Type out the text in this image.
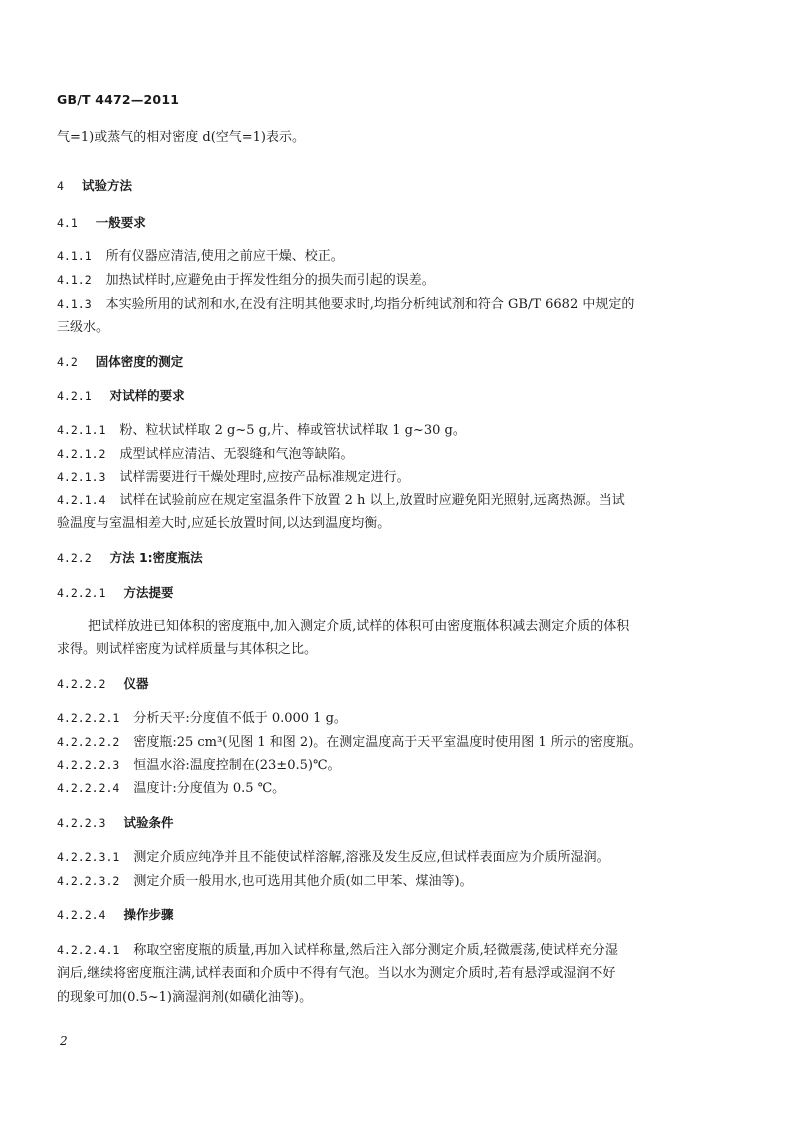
GB/T 4472—2011
气=1)或蒸气的相对密度 d(空气=1)表示。
4 试验方法
4.1 一般要求
4.1.1 所有仪器应清洁,使用之前应干燥、校正。
4.1.2 加热试样时,应避免由于挥发性组分的损失而引起的误差。
4.1.3 本实验所用的试剂和水,在没有注明其他要求时,均指分析纯试剂和符合 GB/T 6682 中规定的
三级水。
4.2 固体密度的测定
4.2.1 对试样的要求
4.2.1.1 粉、粒状试样取 2 g~5 g,片、棒或管状试样取 1 g~30 g。
4.2.1.2 成型试样应清洁、无裂缝和气泡等缺陷。
4.2.1.3 试样需要进行干燥处理时,应按产品标准规定进行。
4.2.1.4 试样在试验前应在规定室温条件下放置 2 h 以上,放置时应避免阳光照射,远离热源。当试
验温度与室温相差大时,应延长放置时间,以达到温度均衡。
4.2.2 方法 1:密度瓶法
4.2.2.1 方法提要
把试样放进已知体积的密度瓶中,加入测定介质,试样的体积可由密度瓶体积减去测定介质的体积
求得。则试样密度为试样质量与其体积之比。
4.2.2.2 仪器
4.2.2.2.1 分析天平:分度值不低于 0.000 1 g。
4.2.2.2.2 密度瓶:25 cm³(见图 1 和图 2)。在测定温度高于天平室温度时使用图 1 所示的密度瓶。
4.2.2.2.3 恒温水浴:温度控制在(23±0.5)℃。
4.2.2.2.4 温度计:分度值为 0.5 ℃。
4.2.2.3 试验条件
4.2.2.3.1 测定介质应纯净并且不能使试样溶解,溶涨及发生反应,但试样表面应为介质所湿润。
4.2.2.3.2 测定介质一般用水,也可选用其他介质(如二甲苯、煤油等)。
4.2.2.4 操作步骤
4.2.2.4.1 称取空密度瓶的质量,再加入试样称量,然后注入部分测定介质,轻微震荡,使试样充分湿
润后,继续将密度瓶注满,试样表面和介质中不得有气泡。当以水为测定介质时,若有悬浮或湿润不好
的现象可加(0.5~1)滴湿润剂(如磺化油等)。
2
